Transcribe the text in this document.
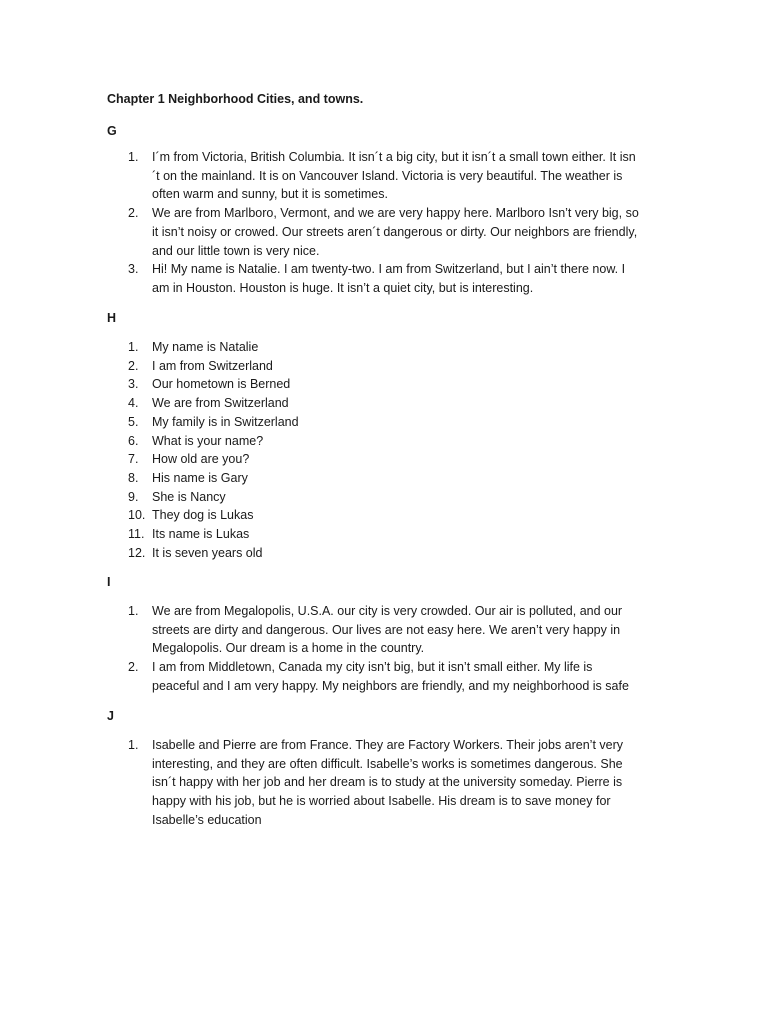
Chapter 1 Neighborhood Cities, and towns.
G
1.	I´m from Victoria, British Columbia. It isn´t a big city, but it isn´t a small town either. It isn´t on the mainland. It is on Vancouver Island. Victoria is very beautiful. The weather is often warm and sunny, but it is sometimes.
2.	We are from Marlboro, Vermont, and we are very happy here. Marlboro Isn’t very big, so it isn’t noisy or crowed. Our streets aren´t dangerous or dirty. Our neighbors are friendly, and our little town is very nice.
3.	Hi! My name is Natalie. I am twenty-two. I am from Switzerland, but I ain’t there now. I am in Houston. Houston is huge. It isn’t a quiet city, but is interesting.
H
1.	My name is Natalie
2.	I am from Switzerland
3.	Our hometown is Berned
4.	We are from Switzerland
5.	My family is in Switzerland
6.	What is your name?
7.	How old are you?
8.	His name is Gary
9.	She is Nancy
10. They dog is Lukas
11. Its name is Lukas
12. It is seven years old
I
1.	We are from Megalopolis, U.S.A. our city is very crowded. Our air is polluted, and our streets are dirty and dangerous. Our lives are not easy here. We aren’t very happy in Megalopolis. Our dream is a home in the country.
2.	I am from Middletown, Canada my city isn’t big, but it isn’t small either. My life is peaceful and I am very happy. My neighbors are friendly, and my neighborhood is safe
J
1.	Isabelle and Pierre are from France. They are Factory Workers. Their jobs aren’t very interesting, and they are often difficult. Isabelle’s works is sometimes dangerous. She isn´t happy with her job and her dream is to study at the university someday. Pierre is happy with his job, but he is worried about Isabelle. His dream is to save money for Isabelle’s education
